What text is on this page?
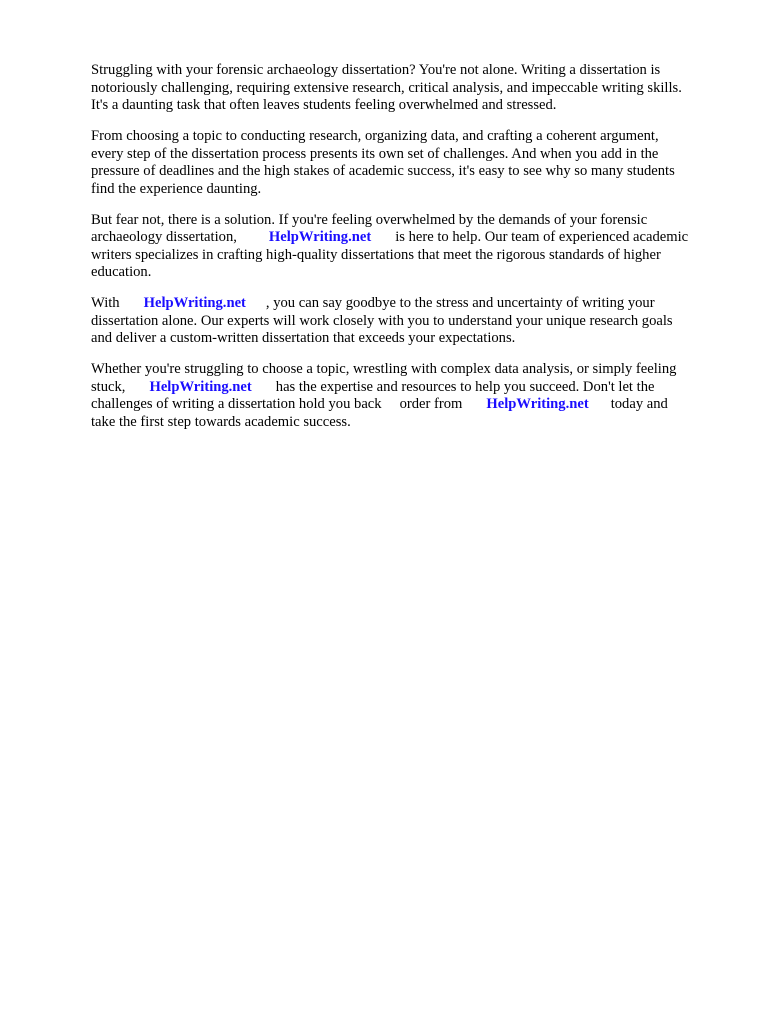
Struggling with your forensic archaeology dissertation? You're not alone. Writing a dissertation is
notoriously challenging, requiring extensive research, critical analysis, and impeccable writing skills.
It's a daunting task that often leaves students feeling overwhelmed and stressed.
From choosing a topic to conducting research, organizing data, and crafting a coherent argument,
every step of the dissertation process presents its own set of challenges. And when you add in the
pressure of deadlines and the high stakes of academic success, it's easy to see why so many students
find the experience daunting.
But fear not, there is a solution. If you're feeling overwhelmed by the demands of your forensic
archaeology dissertation, HelpWriting.net is here to help. Our team of experienced academic
writers specializes in crafting high-quality dissertations that meet the rigorous standards of higher
education.
With HelpWriting.net , you can say goodbye to the stress and uncertainty of writing your
dissertation alone. Our experts will work closely with you to understand your unique research goals
and deliver a custom-written dissertation that exceeds your expectations.
Whether you're struggling to choose a topic, wrestling with complex data analysis, or simply feeling
stuck, HelpWriting.net has the expertise and resources to help you succeed. Don't let the
challenges of writing a dissertation hold you back order from HelpWriting.net today and
take the first step towards academic success.
